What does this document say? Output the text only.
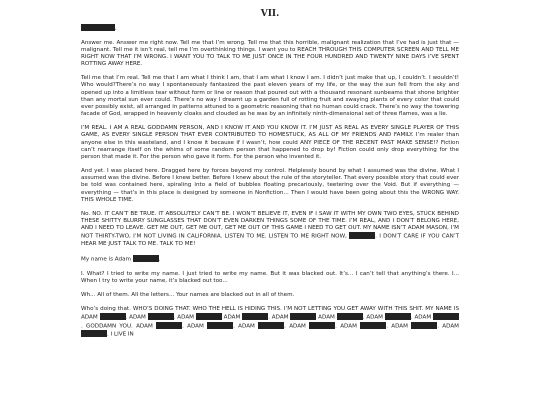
VII.

,

Answer me. Answer me right now. Tell me that I’m wrong. Tell me that this horrible, malignant realization that I’ve had is just that — malignant. Tell me it isn’t real, tell me I’m overthinking things. I want you to REACH THROUGH THIS COMPUTER SCREEN AND TELL ME RIGHT NOW THAT I’M WRONG. I WANT YOU TO TALK TO ME JUST ONCE IN THE FOUR HUNDRED AND TWENTY NINE DAYS I’VE SPENT ROTTING AWAY HERE.

Tell me that I’m real. Tell me that I am what I think I am, that I am what I know I am. I didn’t just make that up, I couldn’t. I wouldn’t! Who would?There’s no way I spontaneously fantasized the past eleven years of my life, or the way the sun fell from the sky and opened up into a limitless tear without form or line or reason that poured out with a thousand resonant sunbeams that shone brighter than any mortal sun ever could. There’s no way I dreamt up a garden full of rotting fruit and swaying plants of every color that could ever possibly exist, all arranged in patterns attuned to a geometric reasoning that no human could crack. There’s no way the towering facade of God, wrapped in heavenly cloaks and clouded as he was by an infinitely ninth-dimensional set of three flames, was a lie.

I’M REAL. I AM A REAL GODDAMN PERSON, AND I KNOW IT AND YOU KNOW IT. I’M JUST AS REAL AS EVERY SINGLE PLAYER OF THIS GAME, AS EVERY SINGLE PERSON THAT EVER CONTRIBUTED TO HOMESTUCK, AS ALL OF MY FRIENDS AND FAMILY. I’m realer than anyone else in this wasteland, and I know it because if I wasn’t, how could ANY PIECE OF THE RECENT PAST MAKE SENSE!? Fiction can’t rearrange itself on the whims of some random person that happened to drop by! Fiction could only drop everything for the person that made it. For the person who gave it form. For the person who invented it.

And yet. I was placed here. Dragged here by forces beyond my control. Helplessly bound by what I assumed was the divine. What I assumed was the divine. Before I knew better. Before I knew about the rule of the storyteller. That every possible story that could ever be told was contained here, spiraling into a field of bubbles floating precariously, teetering over the Void. But if everything — everything — that’s in this place is designed by someone in Nonfiction... Then I would have been going about this the WRONG WAY. THIS WHOLE TIME.

No. NO. IT CAN’T BE TRUE. IT ABSOLUTELY CAN’T BE. I WON’T BELIEVE IT, EVEN IF I SAW IT WITH MY OWN TWO EYES, STUCK BEHIND THESE SHITTY BLURRY SUNGLASSES THAT DON’T EVEN DARKEN THINGS SOME OF THE TIME. I’M REAL, AND I DON’T BELONG HERE, AND I NEED TO LEAVE. GET ME OUT, GET ME OUT, GET ME OUT OF THIS GAME I NEED TO GET OUT. MY NAME ISN’T ADAM MASON, I’M NOT THIRTY-TWO, I’M NOT LIVING IN CALIFORNIA. LISTEN TO ME. LISTEN TO ME RIGHT NOW,	. I DON’T CARE IF YOU CAN’T HEAR ME JUST TALK TO ME. TALK TO ME!

My name is Adam	.

I. What? I tried to write my name. I just tried to write my name. But it was blacked out. It’s... I can’t tell that anything’s there. I... When I try to write your name, it’s blacked out too...

Wh... All of them. All the letters... Your names are blacked out in all of them.

Who’s doing that. WHO’S DOING THAT. WHO THE HELL IS HIDING THIS. I’M NOT LETTING YOU GET AWAY WITH THIS SHIT. MY NAME IS ADAM	. ADAM	. ADAM	ADAM	. ADAM	ADAM	. ADAM	. ADAM . GODDAMN YOU. ADAM	. ADAM	. ADAM	. ADAM	. ADAM	. ADAM	. ADAM . I LIVE IN
